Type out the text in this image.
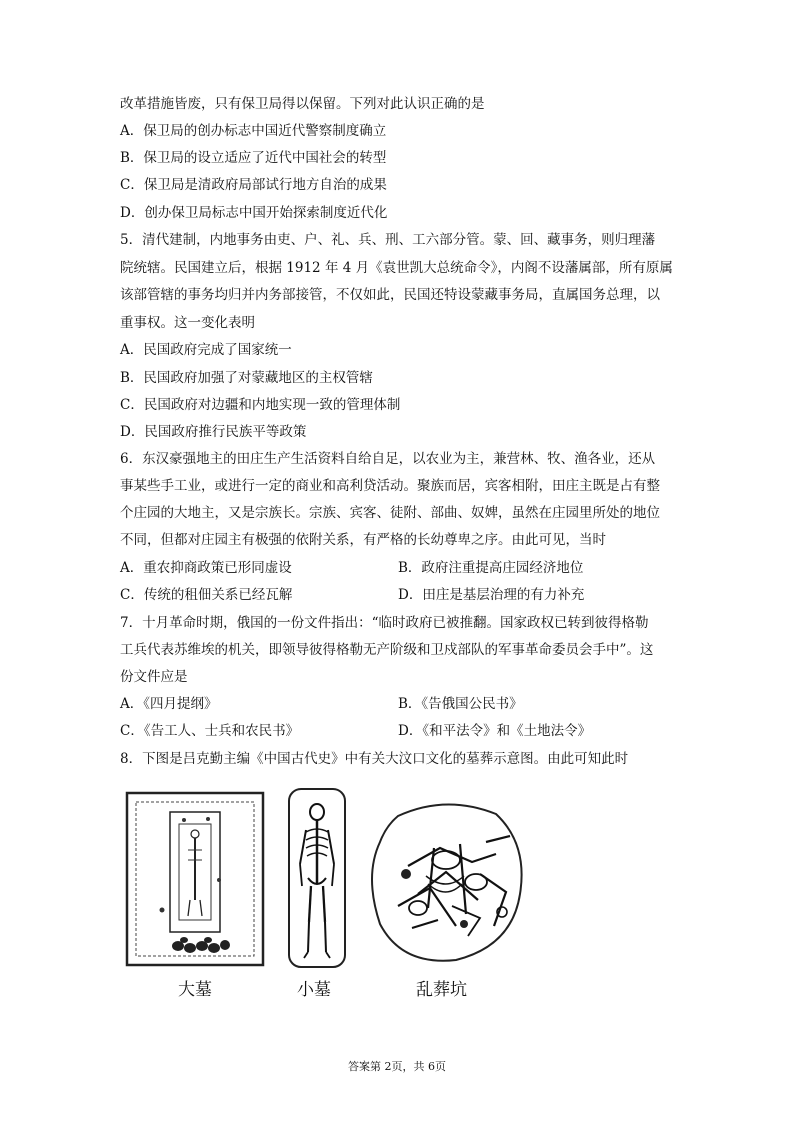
改革措施皆废，只有保卫局得以保留。下列对此认识正确的是
A．保卫局的创办标志中国近代警察制度确立
B．保卫局的设立适应了近代中国社会的转型
C．保卫局是清政府局部试行地方自治的成果
D．创办保卫局标志中国开始探索制度近代化
5．清代建制，内地事务由吏、户、礼、兵、刑、工六部分管。蒙、回、藏事务，则归理藩
院统辖。民国建立后，根据 1912 年 4 月《袁世凯大总统命令》，内阁不设藩属部，所有原属
该部管辖的事务均归并内务部接管，不仅如此，民国还特设蒙藏事务局，直属国务总理，以
重事权。这一变化表明
A．民国政府完成了国家统一
B．民国政府加强了对蒙藏地区的主权管辖
C．民国政府对边疆和内地实现一致的管理体制
D．民国政府推行民族平等政策
6．东汉豪强地主的田庄生产生活资料自给自足，以农业为主，兼营林、牧、渔各业，还从
事某些手工业，或进行一定的商业和高利贷活动。聚族而居，宾客相附，田庄主既是占有整
个庄园的大地主，又是宗族长。宗族、宾客、徒附、部曲、奴婢，虽然在庄园里所处的地位
不同，但都对庄园主有极强的依附关系，有严格的长幼尊卑之序。由此可见，当时
A．重农抑商政策已形同虚设	B．政府注重提高庄园经济地位
C．传统的租佃关系已经瓦解	D．田庄是基层治理的有力补充
7．十月革命时期，俄国的一份文件指出：“临时政府已被推翻。国家政权已转到彼得格勒
工兵代表苏维埃的机关，即领导彼得格勒无产阶级和卫戍部队的军事革命委员会手中”。这
份文件应是
A．《四月提纲》	B．《告俄国公民书》
C．《告工人、士兵和农民书》	D．《和平法令》和《土地法令》
8．下图是吕克勤主编《中国古代史》中有关大汶口文化的墓葬示意图。由此可知此时
大墓	小墓	乱葬坑
答案第 2页，共 6页
